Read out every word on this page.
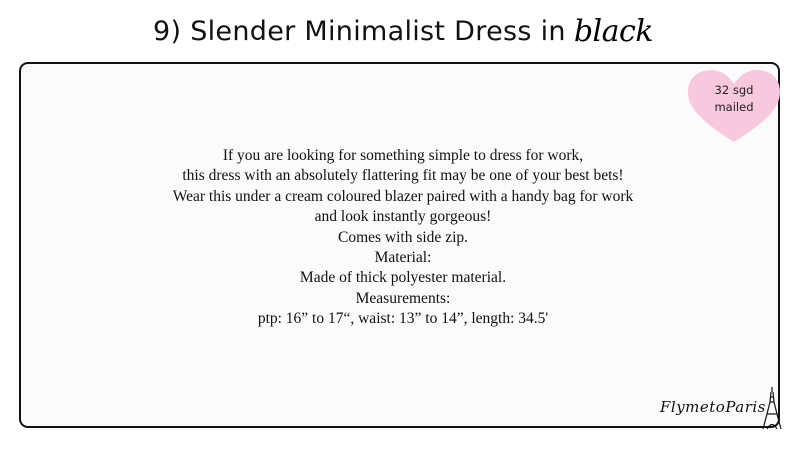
9) Slender Minimalist Dress in black
32 sgd
mailed
If you are looking for something simple to dress for work,
this dress with an absolutely flattering fit may be one of your best bets!
Wear this under a cream coloured blazer paired with a handy bag for work
and look instantly gorgeous!
Comes with side zip.
Material:
Made of thick polyester material.
Measurements:
ptp: 16” to 17“, waist: 13” to 14”, length: 34.5'
FlymetoParis
